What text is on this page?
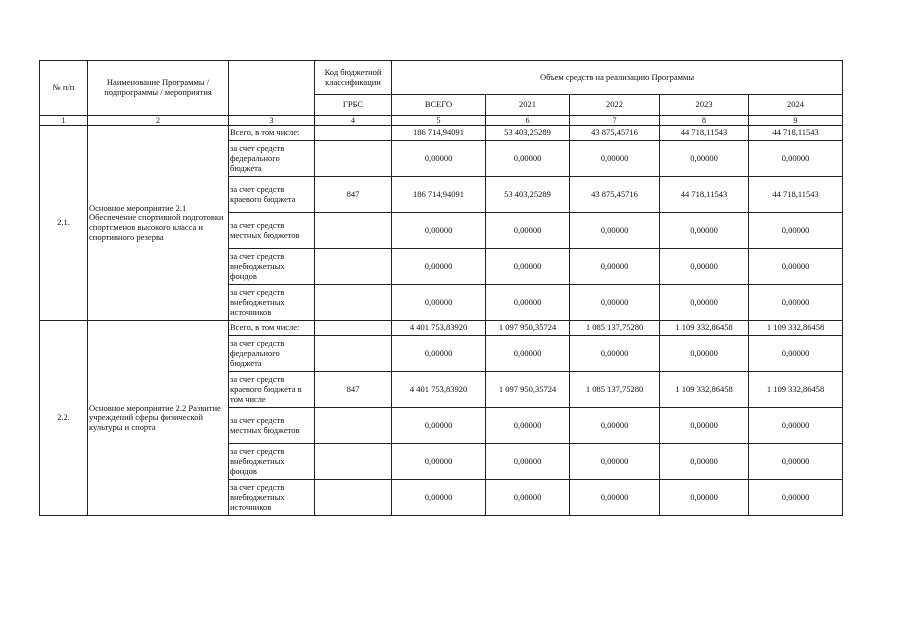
№ п/п	Наименование Программы / подпрограммы / мероприятия		Код бюджетной классификации	Объем средств на реализацию Программы				
			ГРБС	ВСЕГО	2021	2022	2023	2024
1	2	3	4	5	6	7	8	9
2.1.	Основное мероприятие 2.1 Обеспечение спортивной подготовки спортсменов высокого класса и спортивного резерва	Всего, в том числе:		186 714,94091	53 403,25289	43 875,45716	44 718,11543	44 718,11543
		за счет средств федерального бюджета		0,00000	0,00000	0,00000	0,00000	0,00000
		за счет средств краевого бюджета	847	186 714,94091	53 403,25289	43 875,45716	44 718,11543	44 718,11543
		за счет средств местных бюджетов		0,00000	0,00000	0,00000	0,00000	0,00000
		за счет средств внебюджетных фондов		0,00000	0,00000	0,00000	0,00000	0,00000
		за счет средств внебюджетных источников		0,00000	0,00000	0,00000	0,00000	0,00000
2.2.	Основное мероприятие 2.2 Развитие учреждений сферы физической культуры и спорта	Всего, в том числе:		4 401 753,83920	1 097 950,35724	1 085 137,75280	1 109 332,86458	1 109 332,86458
		за счет средств федерального бюджета		0,00000	0,00000	0,00000	0,00000	0,00000
		за счет средств краевого бюджета в том числе	847	4 401 753,83920	1 097 950,35724	1 085 137,75280	1 109 332,86458	1 109 332,86458
		за счет средств местных бюджетов		0,00000	0,00000	0,00000	0,00000	0,00000
		за счет средств внебюджетных фондов		0,00000	0,00000	0,00000	0,00000	0,00000
		за счет средств внебюджетных источников		0,00000	0,00000	0,00000	0,00000	0,00000
